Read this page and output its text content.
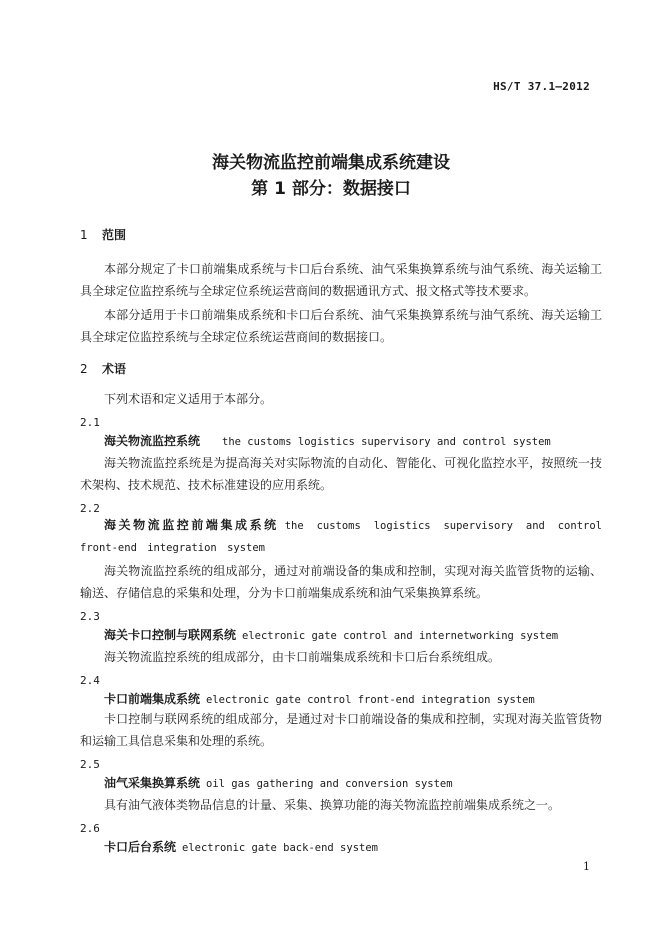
HS/T 37.1—2012
海关物流监控前端集成系统建设
第 1 部分：数据接口
1 范围
本部分规定了卡口前端集成系统与卡口后台系统、油气采集换算系统与油气系统、海关运输工具全球定位监控系统与全球定位系统运营商间的数据通讯方式、报文格式等技术要求。
本部分适用于卡口前端集成系统和卡口后台系统、油气采集换算系统与油气系统、海关运输工具全球定位监控系统与全球定位系统运营商间的数据接口。
2 术语
下列术语和定义适用于本部分。
2.1
海关物流监控系统 the customs logistics supervisory and control system
海关物流监控系统是为提高海关对实际物流的自动化、智能化、可视化监控水平，按照统一技术架构、技术规范、技术标准建设的应用系统。
2.2
海关物流监控前端集成系统 the customs logistics supervisory and control front-end integration system
海关物流监控系统的组成部分，通过对前端设备的集成和控制，实现对海关监管货物的运输、输送、存储信息的采集和处理，分为卡口前端集成系统和油气采集换算系统。
2.3
海关卡口控制与联网系统 electronic gate control and internetworking system
海关物流监控系统的组成部分，由卡口前端集成系统和卡口后台系统组成。
2.4
卡口前端集成系统 electronic gate control front-end integration system
卡口控制与联网系统的组成部分，是通过对卡口前端设备的集成和控制，实现对海关监管货物和运输工具信息采集和处理的系统。
2.5
油气采集换算系统 oil gas gathering and conversion system
具有油气液体类物品信息的计量、采集、换算功能的海关物流监控前端集成系统之一。
2.6
卡口后台系统 electronic gate back-end system
1
